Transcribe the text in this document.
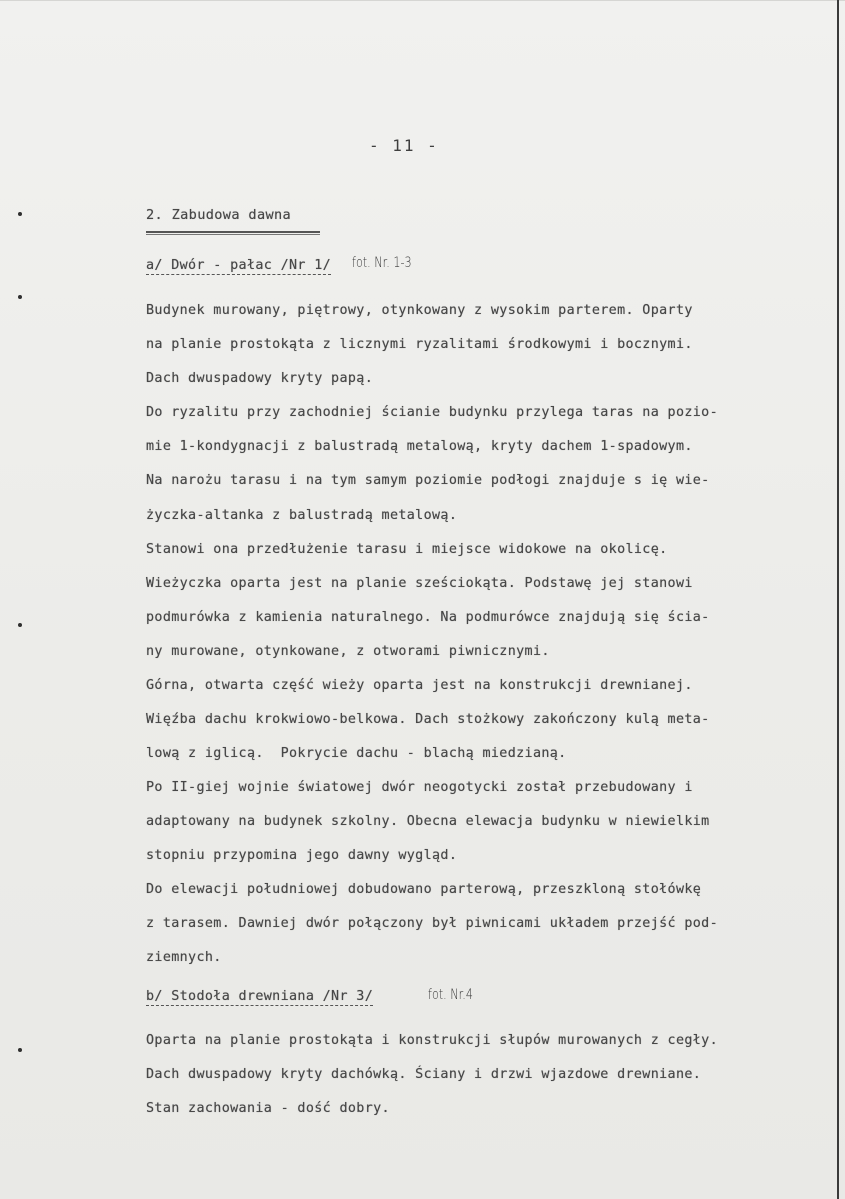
- 11 -
2. Zabudowa dawna
a/ Dwór - pałac /Nr 1/ fot. Nr. 1-3
Budynek murowany, piętrowy, otynkowany z wysokim parterem. Oparty
na planie prostokąta z licznymi ryzalitami środkowymi i bocznymi.
Dach dwuspadowy kryty papą.
Do ryzalitu przy zachodniej ścianie budynku przylega taras na pozio-
mie 1-kondygnacji z balustradą metalową, kryty dachem 1-spadowym.
Na narożu tarasu i na tym samym poziomie podłogi znajduje s ię wie-
życzka-altanka z balustradą metalową.
Stanowi ona przedłużenie tarasu i miejsce widokowe na okolicę.
Wieżyczka oparta jest na planie sześciokąta. Podstawę jej stanowi
podmurówka z kamienia naturalnego. Na podmurówce znajdują się ścia-
ny murowane, otynkowane, z otworami piwnicznymi.
Górna, otwarta część wieży oparta jest na konstrukcji drewnianej.
Więźba dachu krokwiowo-belkowa. Dach stożkowy zakończony kulą meta-
lową z iglicą.  Pokrycie dachu - blachą miedzianą.
Po II-giej wojnie światowej dwór neogotycki został przebudowany i
adaptowany na budynek szkolny. Obecna elewacja budynku w niewielkim
stopniu przypomina jego dawny wygląd.
Do elewacji południowej dobudowano parterową, przeszkloną stołówkę
z tarasem. Dawniej dwór połączony był piwnicami układem przejść pod-
ziemnych.
b/ Stodoła drewniana /Nr 3/	fot. Nr.4
Oparta na planie prostokąta i konstrukcji słupów murowanych z cegły.
Dach dwuspadowy kryty dachówką. Ściany i drzwi wjazdowe drewniane.
Stan zachowania - dość dobry.
